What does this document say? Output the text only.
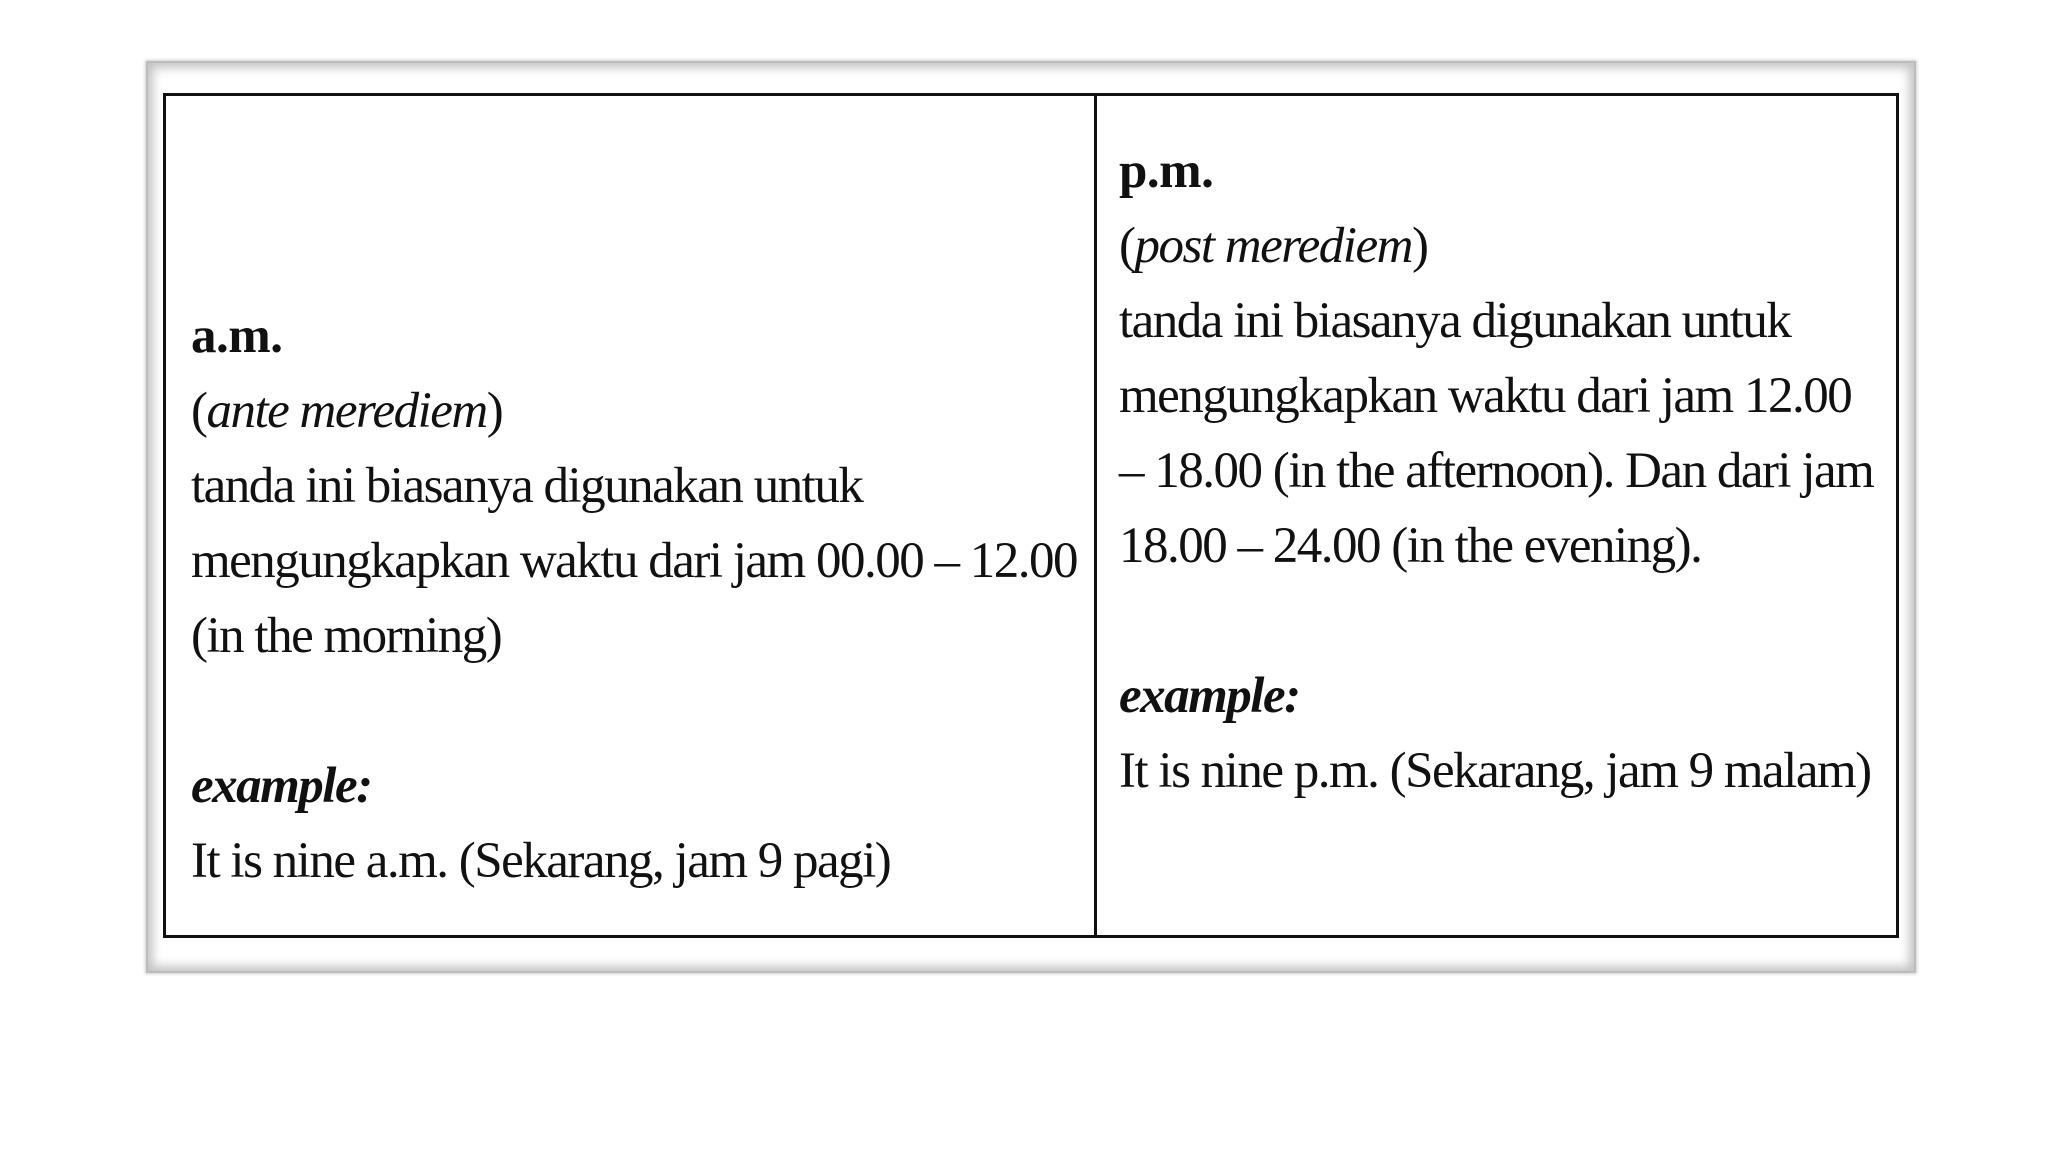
a.m.
(ante meredіem)
tanda ini biasanya digunakan untuk mengungkapkan waktu dari jam 00.00 – 12.00 (in the morning)
example:
It is nine a.m. (Sekarang, jam 9 pagi)
p.m.
(post merediem)
tanda ini biasanya digunakan untuk mengungkapkan waktu dari jam 12.00 – 18.00 (in the afternoon). Dan dari jam 18.00 – 24.00 (in the evening).
example:
It is nine p.m. (Sekarang, jam 9 malam)
